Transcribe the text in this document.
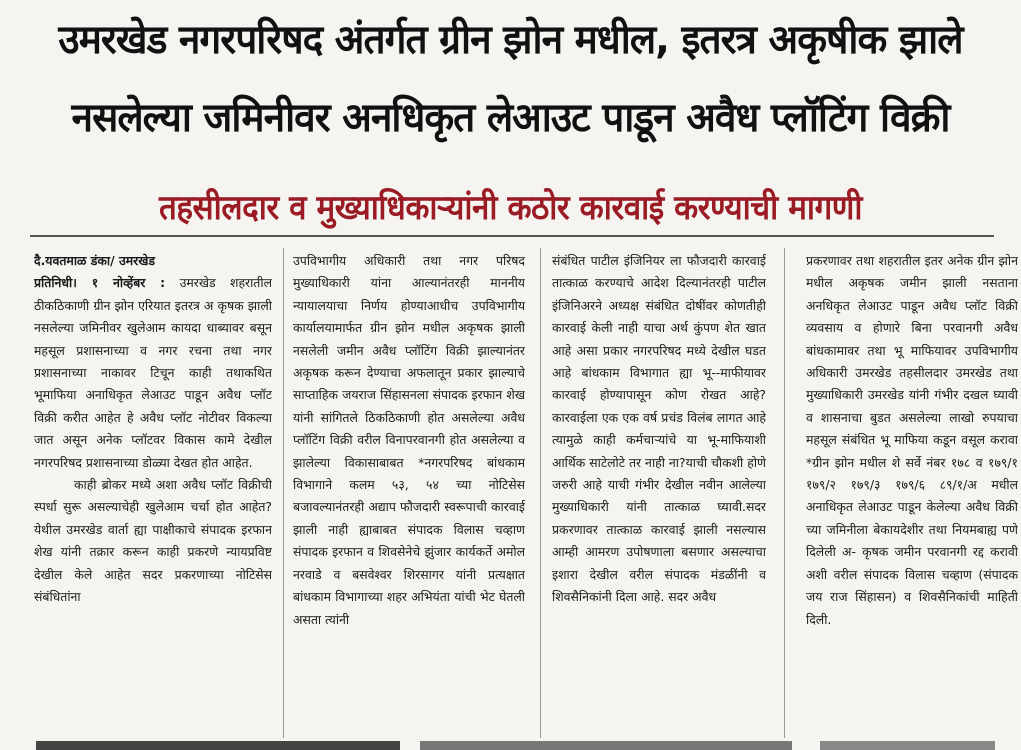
उमरखेड नगरपरिषद अंतर्गत ग्रीन झोन मधील, इतरत्र अकृषीक झाले
नसलेल्या जमिनीवर अनधिकृत लेआउट पाडून अवैध प्लॉटिंग विक्री
तहसीलदार व मुख्याधिकाऱ्यांनी कठोर कारवाई करण्याची मागणी

दै.यवतमाळ डंका/ उमरखेड

प्रतिनिधी। १ नोव्हेंबर : उमरखेड शहरातील ठीकठिकाणी ग्रीन झोन एरियात इतरत्र अ कृषक झाली नसलेल्या जमिनीवर खुलेआम कायदा धाब्यावर बसून महसूल प्रशासनाच्या व नगर रचना तथा नगर प्रशासनाच्या नाकावर टिचून काही तथाकथित भूमाफिया अनाधिकृत लेआउट पाडून अवैध प्लॉट विक्री करीत आहेत हे अवैध प्लॉट नोटीवर विकल्या जात असून अनेक प्लॉटवर विकास कामे देखील नगरपरिषद प्रशासनाच्या डोळ्या देखत होत आहेत.

काही ब्रोकर मध्ये अशा अवैध प्लॉट विक्रीची स्पर्धा सुरू असल्याचेही खुलेआम चर्चा होत आहेत? येथील उमरखेड वार्ता ह्या पाक्षीकाचे संपादक इरफान शेख यांनी तक्रार करून काही प्रकरणे न्यायप्रविष्ट देखील केले आहेत सदर प्रकरणाच्या नोटिसेस संबंधितांना

उपविभागीय अधिकारी तथा नगर परिषद मुख्याधिकारी यांना आल्यानंतरही माननीय न्यायालयाचा निर्णय होण्याआधीच उपविभागीय कार्यालयामार्फत ग्रीन झोन मधील अकृषक झाली नसलेली जमीन अवैध प्लॉटिंग विक्री झाल्यानंतर अकृषक करून देण्याचा अफलातून प्रकार झाल्याचे साप्ताहिक जयराज सिंहासनला संपादक इरफान शेख यांनी सांगितले ठिकठिकाणी होत असलेल्या अवैध प्लॉटिंग विक्री वरील विनापरवानगी होत असलेल्या व झालेल्या विकासाबाबत *नगरपरिषद बांधकाम विभागाने कलम ५३, ५४ च्या नोटिसेस बजावल्यानंतरही अद्याप फौजदारी स्वरूपाची कारवाई झाली नाही ह्याबाबत संपादक विलास चव्हाण संपादक इरफान व शिवसेनेचे झुंजार कार्यकर्ते अमोल नरवाडे व बसवेश्वर शिरसागर यांनी प्रत्यक्षात बांधकाम विभागाच्या शहर अभियंता यांची भेट घेतली असता त्यांनी

संबंधित पाटील इंजिनियर ला फौजदारी कारवाई तात्काळ करण्याचे आदेश दिल्यानंतरही पाटील इंजिनिअरने अध्यक्ष संबंधित दोषींवर कोणतीही कारवाई केली नाही याचा अर्थ कुंपण शेत खात आहे असा प्रकार नगरपरिषद मध्ये देखील घडत आहे बांधकाम विभागात ह्या भू--माफीयावर कारवाई होण्यापासून कोण रोखत आहे? कारवाईला एक एक वर्ष प्रचंड विलंब लागत आहे त्यामुळे काही कर्मचाऱ्यांचे या भू-माफियाशी आर्थिक साटेलोटे तर नाही ना?याची चौकशी होणे जरुरी आहे याची गंभीर देखील नवीन आलेल्या मुख्याधिकारी यांनी तात्काळ घ्यावी.सदर प्रकरणावर तात्काळ कारवाई झाली नसल्यास आम्ही आमरण उपोषणाला बसणार असल्याचा इशारा देखील वरील संपादक मंडळींनी व शिवसैनिकांनी दिला आहे. सदर अवैध

प्रकरणावर तथा शहरातील इतर अनेक ग्रीन झोन मधील अकृषक जमीन झाली नसताना अनधिकृत लेआउट पाडून अवैध प्लॉट विक्री व्यवसाय व होणारे बिना परवानगी अवैध बांधकामावर तथा भू माफियावर उपविभागीय अधिकारी उमरखेड तहसीलदार उमरखेड तथा मुख्याधिकारी उमरखेड यांनी गंभीर दखल घ्यावी व शासनाचा बुडत असलेल्या लाखो रुपयाचा महसूल संबंधित भू माफिया कडून वसूल करावा *ग्रीन झोन मधील शे सर्वे नंबर १७८ व १७९/१ १७९/२ १७९/३ १७९/६ ८९/१/अ मधील अनाधिकृत लेआउट पाडून केलेल्या अवैध विक्री च्या जमिनीला बेकायदेशीर तथा नियमबाह्य पणे दिलेली अ- कृषक जमीन परवानगी रद्द करावी अशी वरील संपादक विलास चव्हाण (संपादक जय राज सिंहासन) व शिवसैनिकांची माहिती दिली.
